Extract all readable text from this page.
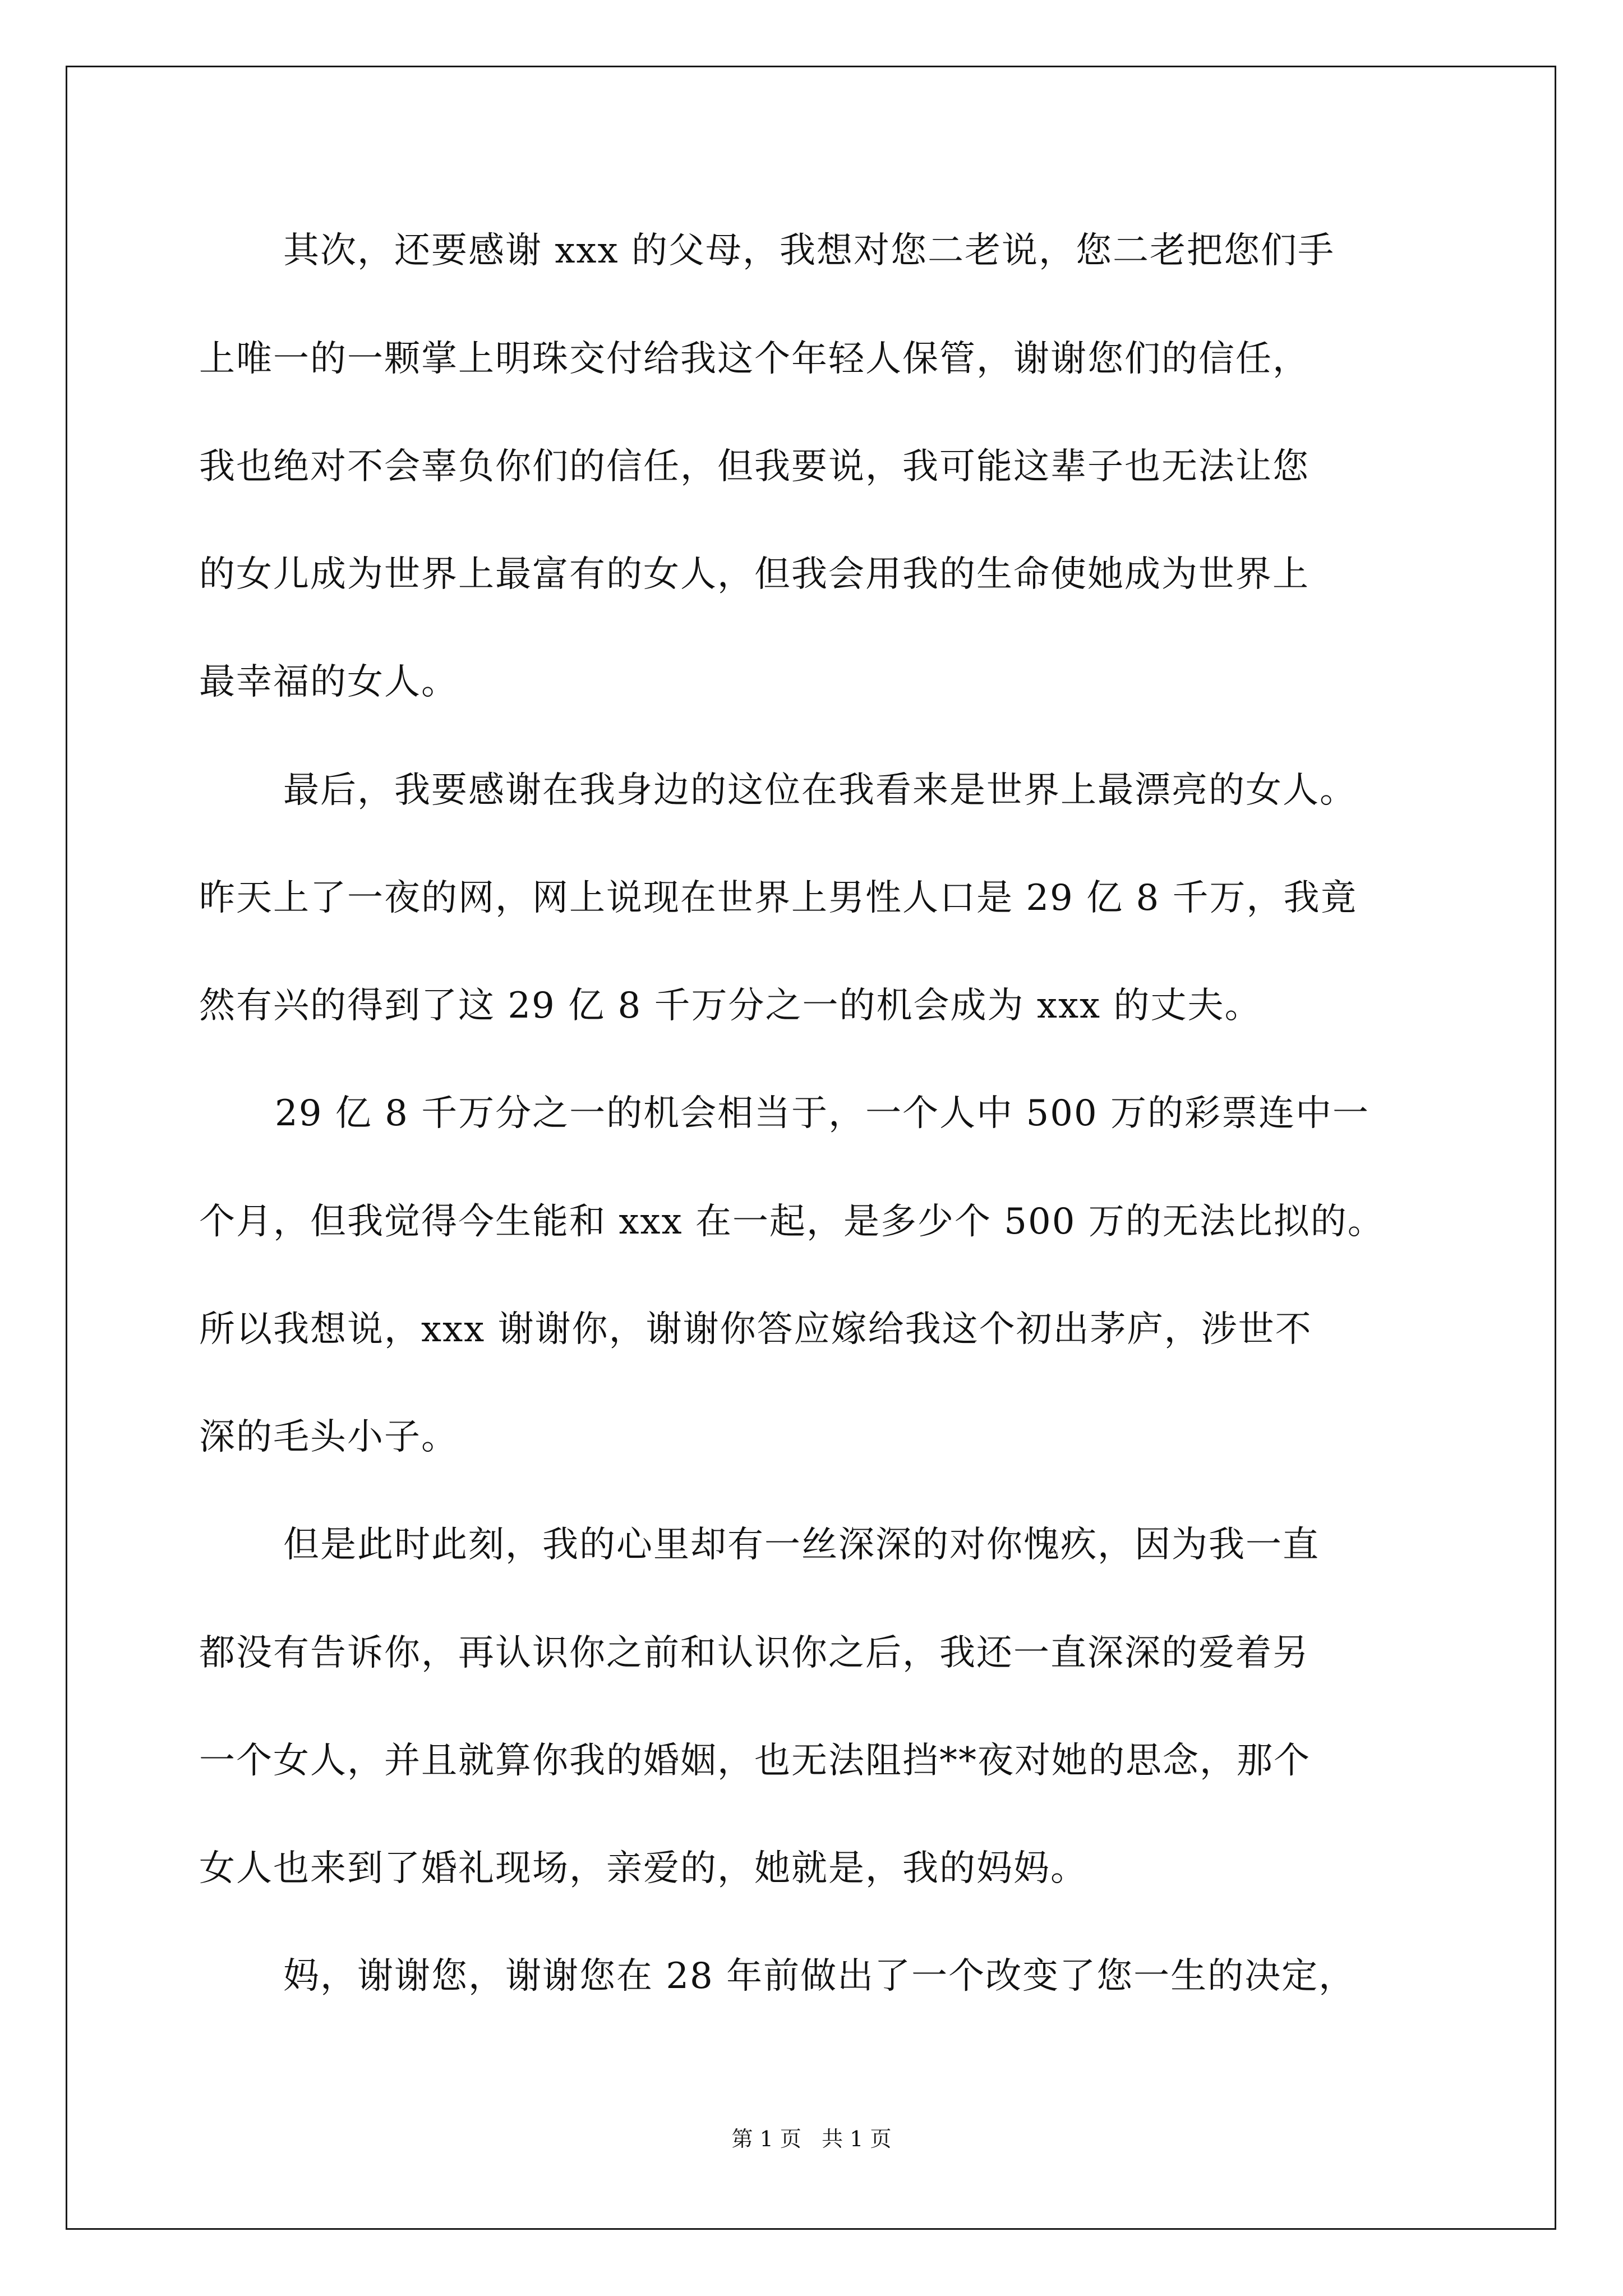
其次，还要感谢 xxx 的父母，我想对您二老说，您二老把您们手
上唯一的一颗掌上明珠交付给我这个年轻人保管，谢谢您们的信任，
我也绝对不会辜负你们的信任，但我要说，我可能这辈子也无法让您
的女儿成为世界上最富有的女人，但我会用我的生命使她成为世界上
最幸福的女人。
最后，我要感谢在我身边的这位在我看来是世界上最漂亮的女人。
昨天上了一夜的网，网上说现在世界上男性人口是 29 亿 8 千万，我竟
然有兴的得到了这 29 亿 8 千万分之一的机会成为 xxx 的丈夫。
29 亿 8 千万分之一的机会相当于，一个人中 500 万的彩票连中一
个月，但我觉得今生能和 xxx 在一起，是多少个 500 万的无法比拟的。
所以我想说，xxx 谢谢你，谢谢你答应嫁给我这个初出茅庐，涉世不
深的毛头小子。
但是此时此刻，我的心里却有一丝深深的对你愧疚，因为我一直
都没有告诉你，再认识你之前和认识你之后，我还一直深深的爱着另
一个女人，并且就算你我的婚姻，也无法阻挡**夜对她的思念，那个
女人也来到了婚礼现场，亲爱的，她就是，我的妈妈。
妈，谢谢您，谢谢您在 28 年前做出了一个改变了您一生的决定，
第 1 页   共 1 页
